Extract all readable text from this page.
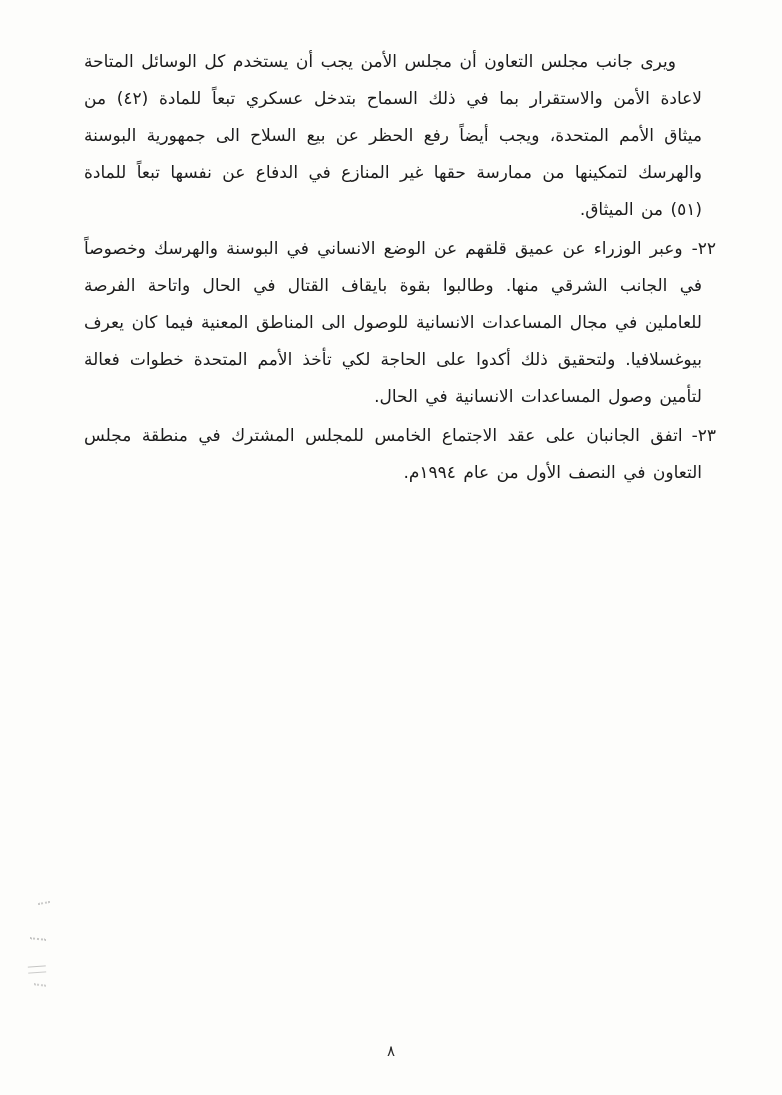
ويرى جانب مجلس التعاون أن مجلس الأمن يجب أن يستخدم كل الوسائل المتاحة لاعادة الأمن والاستقرار بما في ذلك السماح بتدخل عسكري تبعاً للمادة (٤٢) من ميثاق الأمم المتحدة، ويجب أيضاً رفع الحظر عن بيع السلاح الى جمهورية البوسنة والهرسك لتمكينها من ممارسة حقها غير المنازع في الدفاع عن نفسها تبعاً للمادة (٥١) من الميثاق.

٢٢-وعبر الوزراء عن عميق قلقهم عن الوضع الانساني في البوسنة والهرسك وخصوصاً في الجانب الشرقي منها. وطالبوا بقوة بايقاف القتال في الحال واتاحة الفرصة للعاملين في مجال المساعدات الانسانية للوصول الى المناطق المعنية فيما كان يعرف بيوغسلافيا. ولتحقيق ذلك أكدوا على الحاجة لكي تأخذ الأمم المتحدة خطوات فعالة لتأمين وصول المساعدات الانسانية في الحال.

٢٣-اتفق الجانبان على عقد الاجتماع الخامس للمجلس المشترك في منطقة مجلس التعاون في النصف الأول من عام ١٩٩٤م.

٨
